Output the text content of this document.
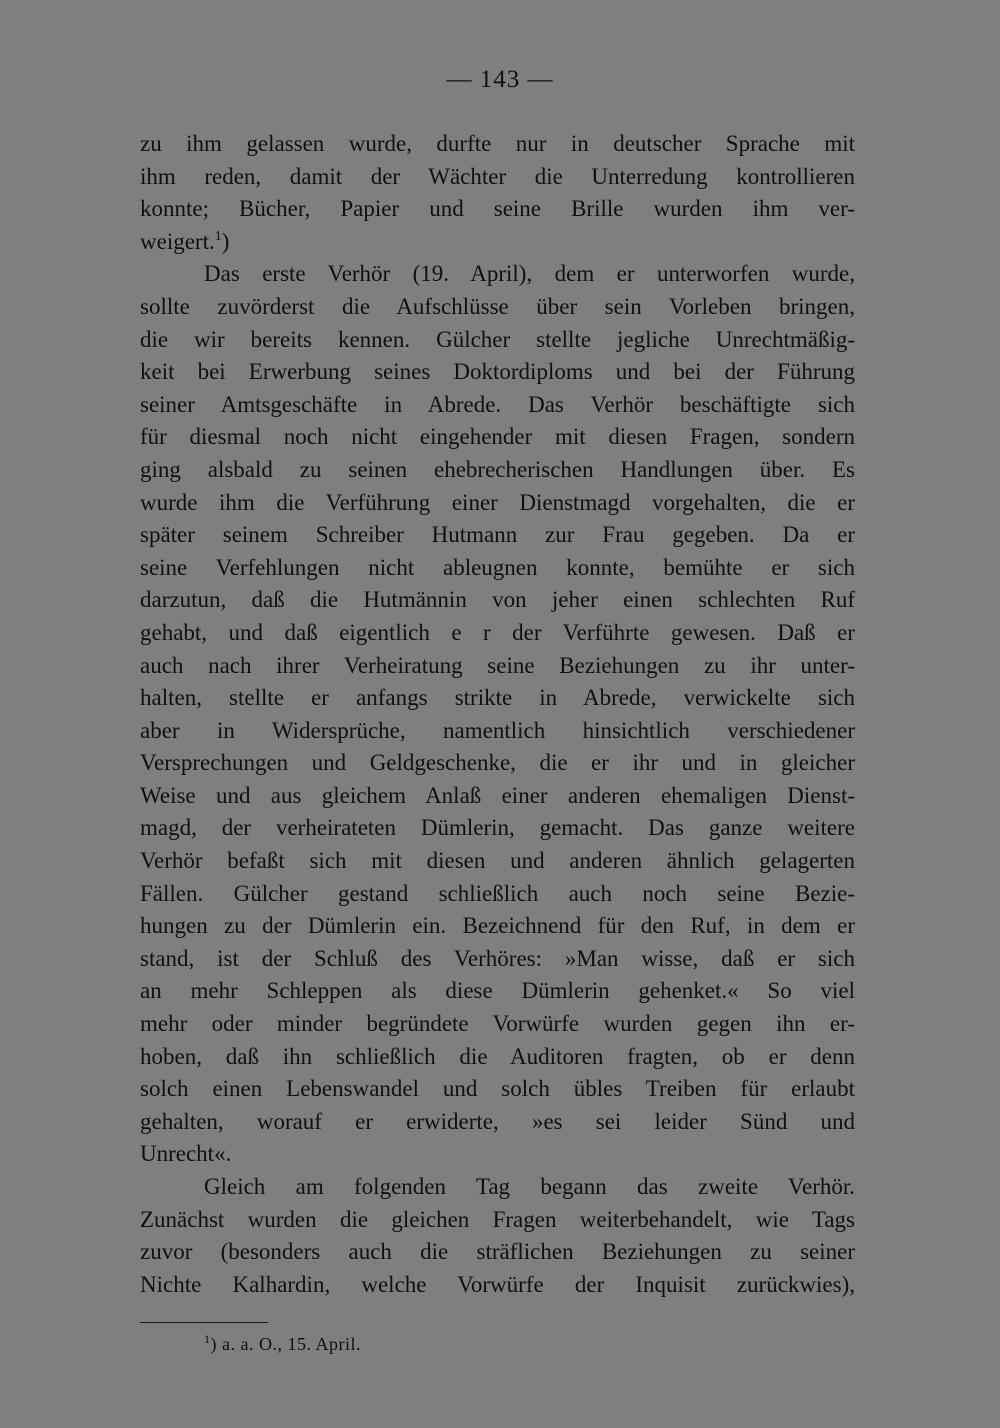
— 143 —
zu ihm gelassen wurde, durfte nur in deutscher Sprache mit
ihm reden, damit der Wächter die Unterredung kontrollieren
konnte; Bücher, Papier und seine Brille wurden ihm ver-
weigert.$^1$)
Das erste Verhör (19. April), dem er unterworfen wurde,
sollte zuvörderst die Aufschlüsse über sein Vorleben bringen,
die wir bereits kennen. Gülcher stellte jegliche Unrechtmäßig-
keit bei Erwerbung seines Doktordiploms und bei der Führung
seiner Amtsgeschäfte in Abrede. Das Verhör beschäftigte sich
für diesmal noch nicht eingehender mit diesen Fragen, sondern
ging alsbald zu seinen ehebrecherischen Handlungen über. Es
wurde ihm die Verführung einer Dienstmagd vorgehalten, die er
später seinem Schreiber Hutmann zur Frau gegeben. Da er
seine Verfehlungen nicht ableugnen konnte, bemühte er sich
darzutun, daß die Hutmännin von jeher einen schlechten Ruf
gehabt, und daß eigentlich e r der Verführte gewesen. Daß er
auch nach ihrer Verheiratung seine Beziehungen zu ihr unter-
halten, stellte er anfangs strikte in Abrede, verwickelte sich
aber in Widersprüche, namentlich hinsichtlich verschiedener
Versprechungen und Geldgeschenke, die er ihr und in gleicher
Weise und aus gleichem Anlaß einer anderen ehemaligen Dienst-
magd, der verheirateten Dümlerin, gemacht. Das ganze weitere
Verhör befaßt sich mit diesen und anderen ähnlich gelagerten
Fällen. Gülcher gestand schließlich auch noch seine Bezie-
hungen zu der Dümlerin ein. Bezeichnend für den Ruf, in dem er
stand, ist der Schluß des Verhöres: »Man wisse, daß er sich
an mehr Schleppen als diese Dümlerin gehenket.« So viel
mehr oder minder begründete Vorwürfe wurden gegen ihn er-
hoben, daß ihn schließlich die Auditoren fragten, ob er denn
solch einen Lebenswandel und solch übles Treiben für erlaubt
gehalten, worauf er erwiderte, »es sei leider Sünd und
Unrecht«.
Gleich am folgenden Tag begann das zweite Verhör.
Zunächst wurden die gleichen Fragen weiterbehandelt, wie Tags
zuvor (besonders auch die sträflichen Beziehungen zu seiner
Nichte Kalhardin, welche Vorwürfe der Inquisit zurückwies),
$^1$) a. a. O., 15. April.
